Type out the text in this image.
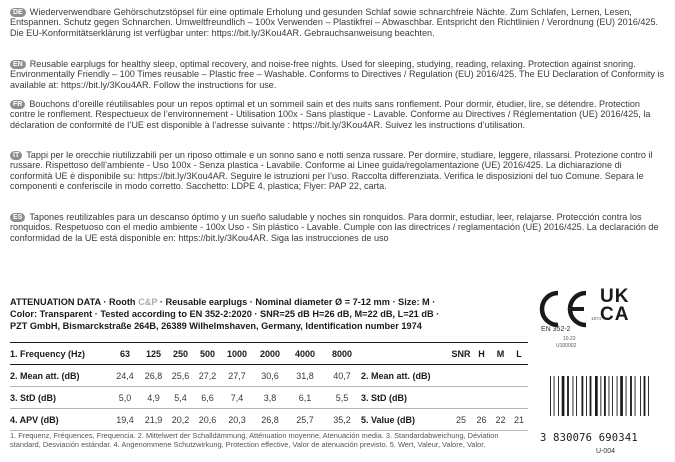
DE Wiederverwendbare Gehörschutzstöpsel für eine optimale Erholung und gesunden Schlaf sowie schnarchfreie Nächte. Zum Schlafen, Lernen, Lesen, Entspannen. Schutz gegen Schnarchen. Umweltfreundlich – 100x Verwenden – Plastikfrei – Abwaschbar. Entspricht den Richtlinien / Verordnung (EU) 2016/425. Die EU-Konformitätserklärung ist verfügbar unter: https://bit.ly/3Kou4AR. Gebrauchsanweisung beachten.
EN Reusable earplugs for healthy sleep, optimal recovery, and noise-free nights. Used for sleeping, studying, reading, relaxing. Protection against snoring. Environmentally Friendly – 100 Times reusable – Plastic free – Washable. Conforms to Directives / Regulation (EU) 2016/425. The EU Declaration of Conformity is available at: https://bit.ly/3Kou4AR. Follow the instructions for use.
FR Bouchons d’oreille réutilisables pour un repos optimal et un sommeil sain et des nuits sans ronflement. Pour dormir, étudier, lire, se détendre. Protection contre le ronflement. Respectueux de l’environnement - Utilisation 100x - Sans plastique - Lavable. Conforme au Directives / Réglementation (UE) 2016/425, la déclaration de conformité de l’UE est disponible à l’adresse suivante : https://bit.ly/3Kou4AR. Suivez les instructions d’utilisation.
IT Tappi per le orecchie riutilizzabili per un riposo ottimale e un sonno sano e notti senza russare. Per dormire, studiare, leggere, rilassarsi. Protezione contro il russare. Rispettoso dell’ambiente - Uso 100x - Senza plastica - Lavabile. Conforme ai Linee guida/regolamentazione (UE) 2016/425. La dichiarazione di conformità UE è disponibile su: https://bit.ly/3Kou4AR. Seguire le istruzioni per l’uso. Raccolta differenziata. Verifica le disposizioni del tuo Comune. Separa le componenti e conferiscile in modo corretto. Sacchetto: LDPE 4, plastica; Flyer: PAP 22, carta.
ES Tapones reutilizables para un descanso óptimo y un sueño saludable y noches sin ronquidos. Para dormir, estudiar, leer, relajarse. Protección contra los ronquidos. Respetuoso con el medio ambiente - 100x Uso - Sin plástico - Lavable. Cumple con las directrices / reglamentación (UE) 2016/425. La declaración de conformidad de la UE está disponible en: https://bit.ly/3Kou4AR. Siga las instrucciones de uso
ATTENUATION DATA · Rooth C&P · Reusable earplugs · Nominal diameter Ø = 7-12 mm · Size: M ·
Color: Transparent · Tested according to EN 352-2:2020 · SNR=25 dB H=26 dB, M=22 dB, L=21 dB ·
PZT GmbH, Bismarckstraße 264B, 26389 Wilhelmshaven, Germany, Identification number 1974
1. Frequency (Hz)	63	125	250	500	1000	2000	4000	8000		SNR	H	M	L
2. Mean att. (dB)	24,4	26,8	25,6	27,2	27,7	30,6	31,8	40,7	2. Mean att. (dB)				
3. StD (dB)	5,0	4,9	5,4	6,6	7,4	3,8	6,1	5,5	3. StD (dB)				
4. APV (dB)	19,4	21,9	20,2	20,6	20,3	26,8	25,7	35,2	5. Value (dB)	25	26	22	21
1. Frequenz, Fréquences, Frequencia. 2. Mittelwert der Schalldämmung, Atténuation moyenne, Atenuación media. 3. Standardabweichung, Déviation standard, Desviación estándar. 4. Angenommene Schutzwirkung, Protection effective, Valor de atenuación previsto. 5. Wert, Valeur, Valore, Valor.
EN 352-2
10.23
U100002
UK
CA
1974
3 830076 690341
U-004
